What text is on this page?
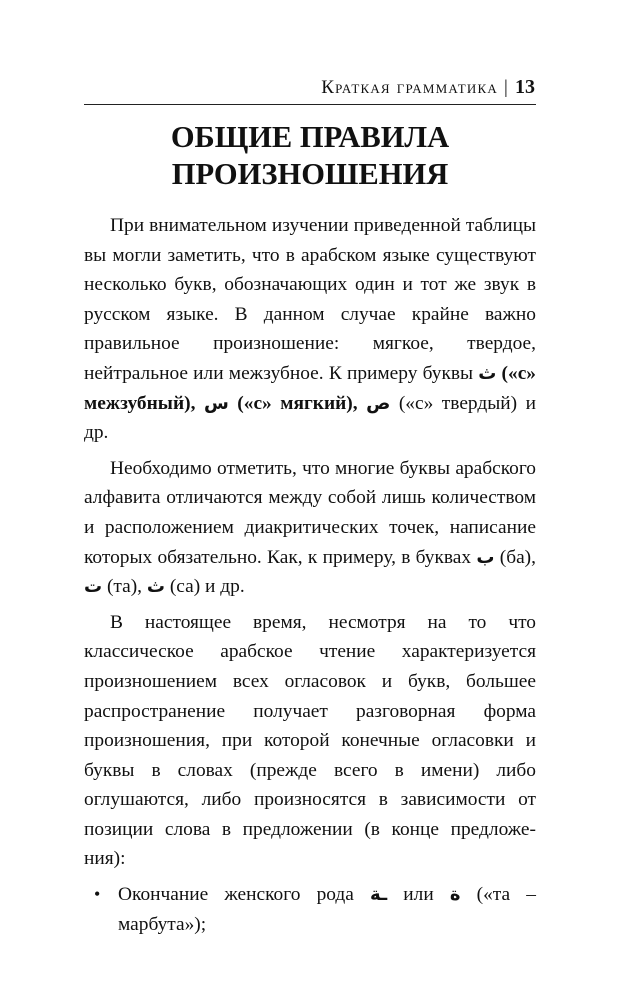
Краткая грамматика | 13
ОБЩИЕ ПРАВИЛА
ПРОИЗНОШЕНИЯ

При внимательном изучении приведенной таблицы вы могли заметить, что в арабском языке существуют несколько букв, обозначающих один и тот же звук в русском языке. В данном случае крайне важно правильное произношение: мягкое, твердое, нейтральное или межзубное. К примеру буквы ث («с» межзубный), س («с» мягкий), ص («с» твердый) и др.

Необходимо отметить, что многие буквы арабского алфавита отличаются между собой лишь количеством и расположением диакритических точек, написание которых обязательно. Как, к примеру, в буквах ب (ба), ت (та), ث (са) и др.

В настоящее время, несмотря на то что классическое арабское чтение характеризуется произношением всех огласовок и букв, большее распространение получает разговорная форма произношения, при которой конечные огласовки и буквы в словах (прежде всего в имени) либо оглушаются, либо произносятся в зависимости от позиции слова в предложении (в конце предложе-ния):

• Окончание женского рода ـة или ة («та – марбута»);
